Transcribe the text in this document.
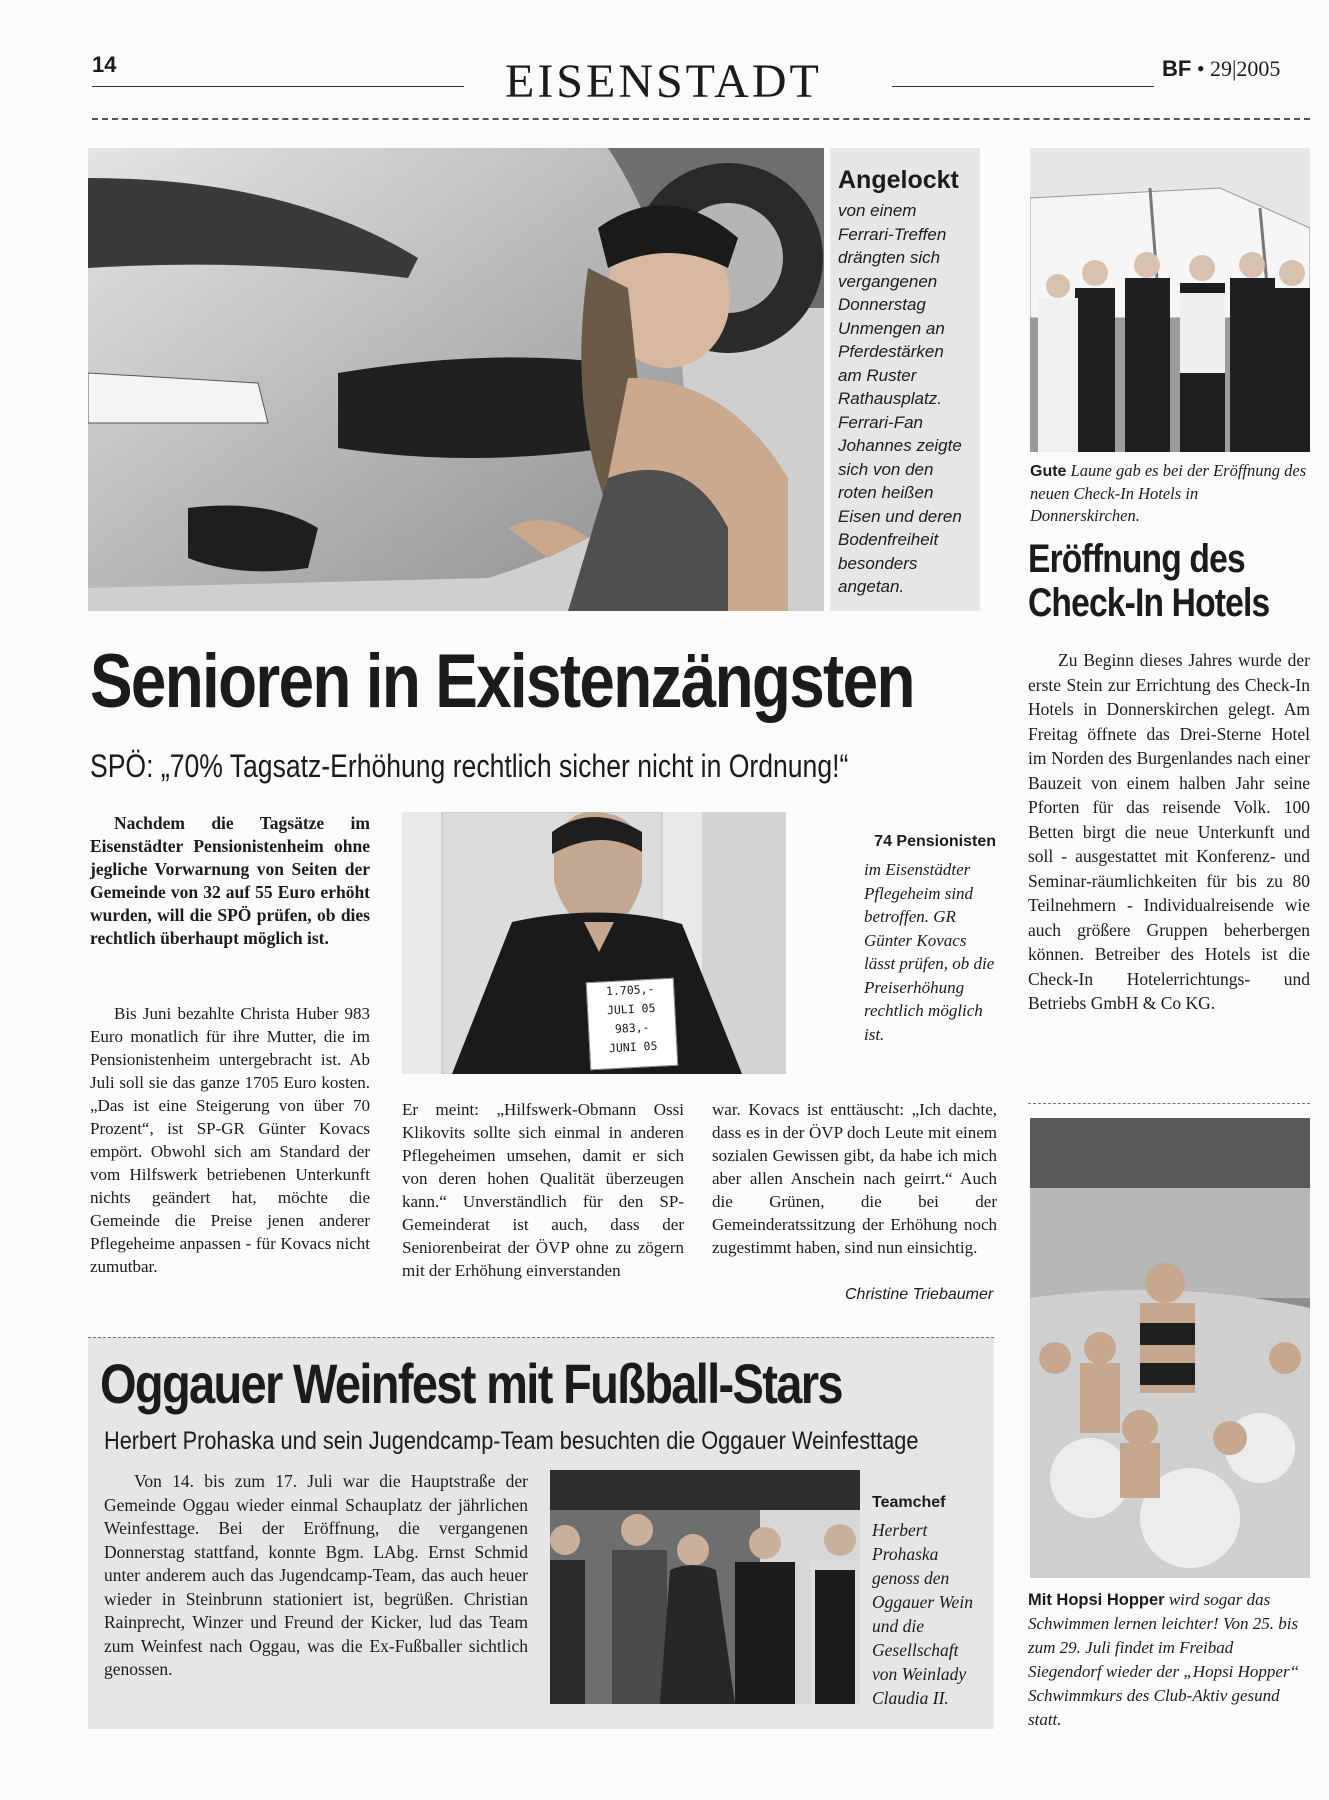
14	EISENSTADT	BF • 29|2005
Angelockt
von einem Ferrari-Treffen drängten sich vergangenen Donnerstag Unmengen an Pferdestärken am Ruster Rathausplatz. Ferrari-Fan Johannes zeigte sich von den roten heißen Eisen und deren Bodenfreiheit besonders angetan.
Gute Laune gab es bei der Eröffnung des neuen Check-In Hotels in Donnerskirchen.
Eröffnung des
Check-In Hotels
Zu Beginn dieses Jahres wurde der erste Stein zur Errichtung des Check-In Hotels in Donnerskirchen gelegt. Am Freitag öffnete das Drei-Sterne Hotel im Norden des Burgenlandes nach einer Bauzeit von einem halben Jahr seine Pforten für das reisende Volk. 100 Betten birgt die neue Unterkunft und soll - ausgestattet mit Konferenz- und Seminar-räumlichkeiten für bis zu 80 Teilnehmern - Individualreisende wie auch größere Gruppen beherbergen können. Betreiber des Hotels ist die Check-In Hotelerrichtungs- und Betriebs GmbH & Co KG.
Mit Hopsi Hopper wird sogar das Schwimmen lernen leichter! Von 25. bis zum 29. Juli findet im Freibad Siegendorf wieder der „Hopsi Hopper“ Schwimmkurs des Club-Aktiv gesund statt.
Senioren in Existenzängsten
SPÖ: „70% Tagsatz-Erhöhung rechtlich sicher nicht in Ordnung!“
Nachdem die Tagsätze im Eisenstädter Pensionistenheim ohne jegliche Vorwarnung von Seiten der Gemeinde von 32 auf 55 Euro erhöht wurden, will die SPÖ prüfen, ob dies rechtlich überhaupt möglich ist.
Bis Juni bezahlte Christa Huber 983 Euro monatlich für ihre Mutter, die im Pensionistenheim untergebracht ist. Ab Juli soll sie das ganze 1705 Euro kosten. „Das ist eine Steigerung von über 70 Prozent“, ist SP-GR Günter Kovacs empört. Obwohl sich am Standard der vom Hilfswerk betriebenen Unterkunft nichts geändert hat, möchte die Gemeinde die Preise jenen anderer Pflegeheime anpassen - für Kovacs nicht zumutbar.
1.705,-
JULI 05
983,-
JUNI 05
74 Pensionisten
im Eisenstädter Pflegeheim sind betroffen. GR Günter Kovacs lässt prüfen, ob die Preiserhöhung rechtlich möglich ist.
Er meint: „Hilfswerk-Obmann Ossi Klikovits sollte sich einmal in anderen Pflegeheimen umsehen, damit er sich von deren hohen Qualität überzeugen kann.“ Unverständlich für den SP-Gemeinderat ist auch, dass der Seniorenbeirat der ÖVP ohne zu zögern mit der Erhöhung einverstanden
war. Kovacs ist enttäuscht: „Ich dachte, dass es in der ÖVP doch Leute mit einem sozialen Gewissen gibt, da habe ich mich aber allen Anschein nach geirrt.“ Auch die Grünen, die bei der Gemeinderatssitzung der Erhöhung noch zugestimmt haben, sind nun einsichtig.
Christine Triebaumer
Oggauer Weinfest mit Fußball-Stars
Herbert Prohaska und sein Jugendcamp-Team besuchten die Oggauer Weinfesttage
Von 14. bis zum 17. Juli war die Hauptstraße der Gemeinde Oggau wieder einmal Schauplatz der jährlichen Weinfesttage. Bei der Eröffnung, die vergangenen Donnerstag stattfand, konnte Bgm. LAbg. Ernst Schmid unter anderem auch das Jugendcamp-Team, das auch heuer wieder in Steinbrunn stationiert ist, begrüßen. Christian Rainprecht, Winzer und Freund der Kicker, lud das Team zum Weinfest nach Oggau, was die Ex-Fußballer sichtlich genossen.
Teamchef
Herbert Prohaska genoss den Oggauer Wein und die Gesellschaft von Weinlady Claudia II.
